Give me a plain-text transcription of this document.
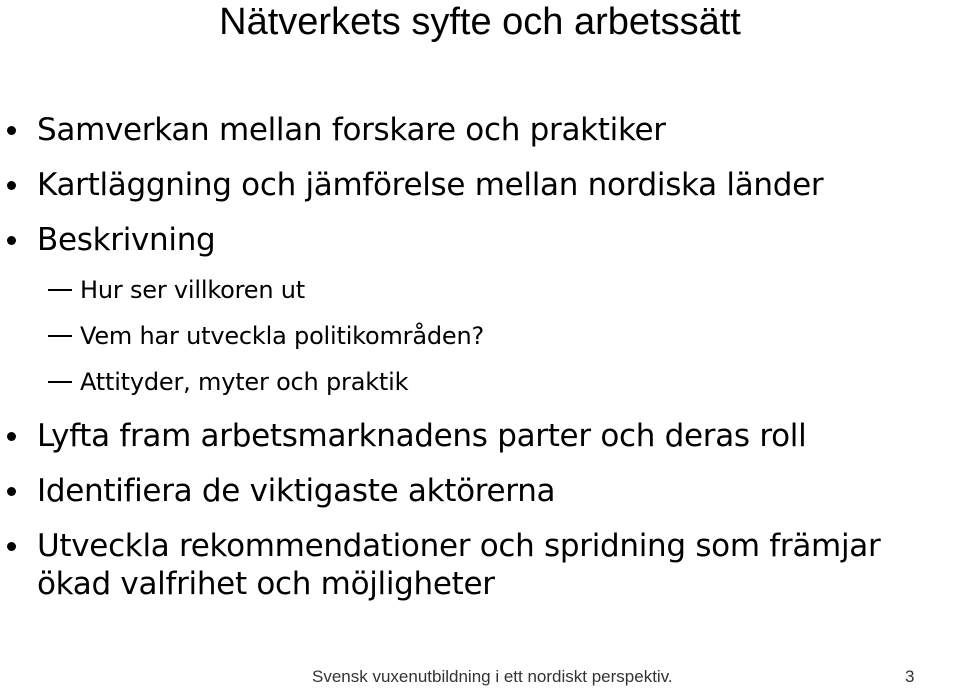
Nätverkets syfte och arbetssätt
Samverkan mellan forskare och praktiker
Kartläggning och jämförelse mellan nordiska länder
Beskrivning
Hur ser villkoren ut
Vem har utveckla politikområden?
Attityder, myter och praktik
Lyfta fram arbetsmarknadens parter och deras roll
Identifiera de viktigaste aktörerna
Utveckla rekommendationer och spridning som främjar
ökad valfrihet och möjligheter
Svensk vuxenutbildning i ett nordiskt perspektiv.	3
